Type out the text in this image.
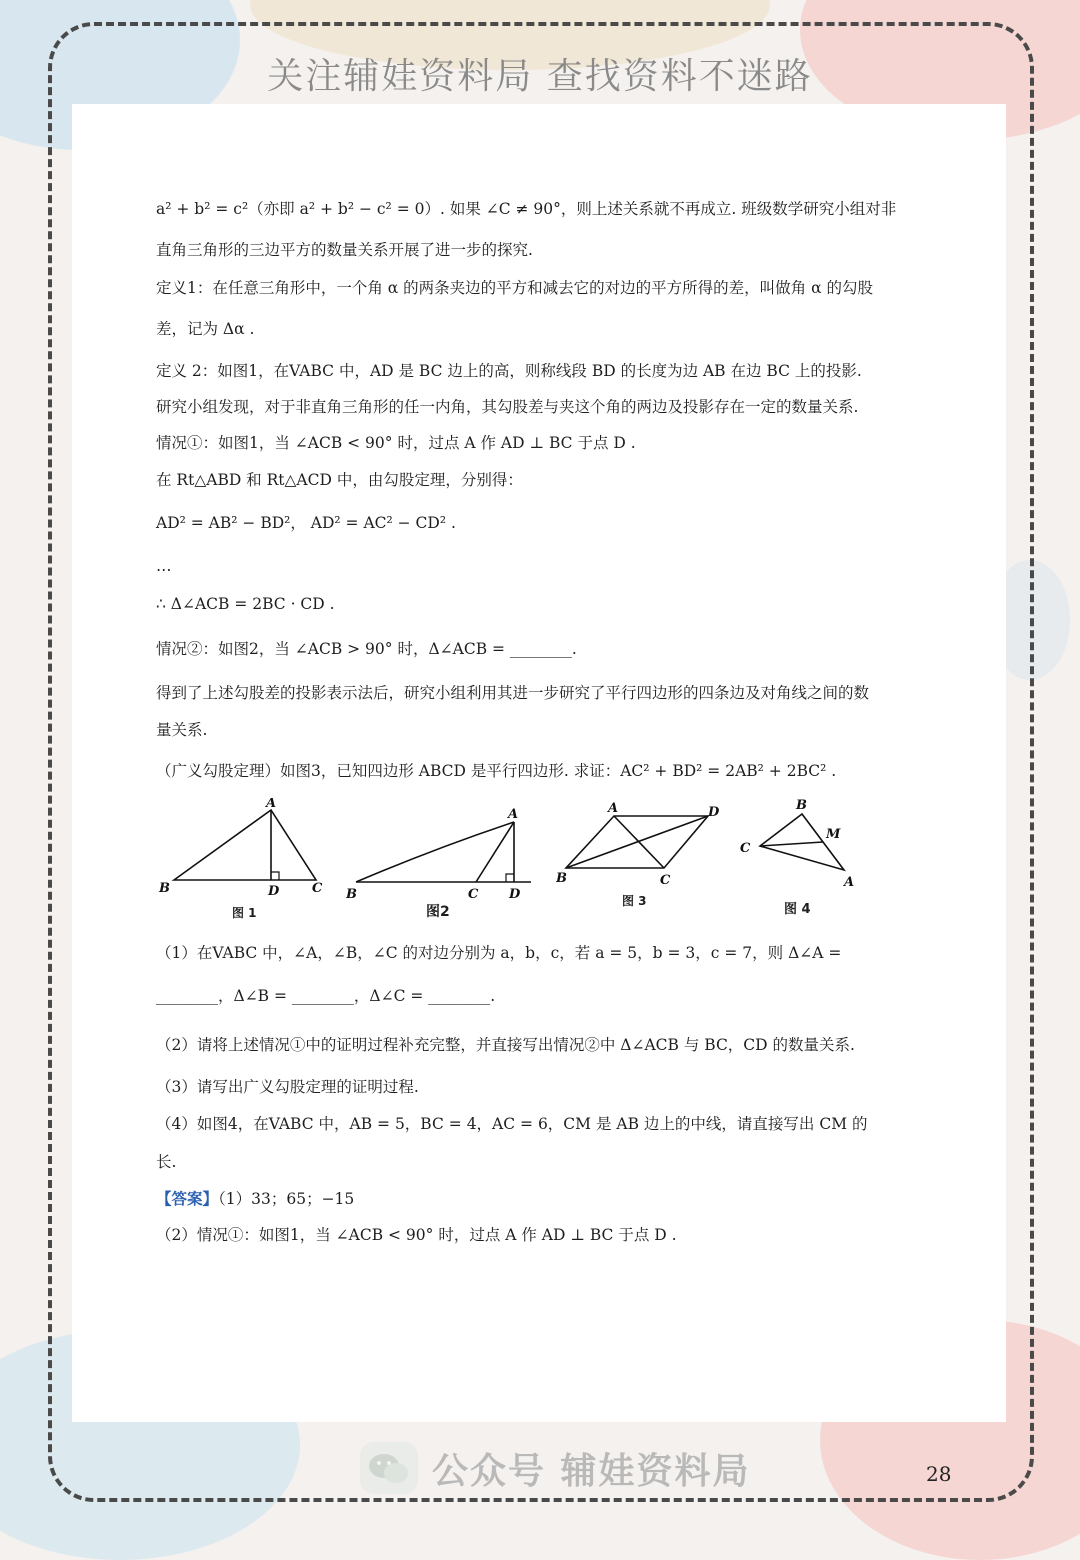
关注辅娃资料局 查找资料不迷路
a² + b² = c²（亦即 a² + b² − c² = 0）. 如果 ∠C ≠ 90°，则上述关系就不再成立. 班级数学研究小组对非
直角三角形的三边平方的数量关系开展了进一步的探究.
定义1：在任意三角形中，一个角 α 的两条夹边的平方和减去它的对边的平方所得的差，叫做角 α 的勾股
差，记为 Δα .
定义 2：如图1，在VABC 中，AD 是 BC 边上的高，则称线段 BD 的长度为边 AB 在边 BC 上的投影.
研究小组发现，对于非直角三角形的任一内角，其勾股差与夹这个角的两边及投影存在一定的数量关系.
情况①：如图1，当 ∠ACB < 90° 时，过点 A 作 AD ⊥ BC 于点 D .
在 Rt△ABD 和 Rt△ACD 中，由勾股定理，分别得：
AD² = AB² − BD²， AD² = AC² − CD² .
…
∴ Δ∠ACB = 2BC · CD .
情况②：如图2，当 ∠ACB > 90° 时，Δ∠ACB = ________.
得到了上述勾股差的投影表示法后，研究小组利用其进一步研究了平行四边形的四条边及对角线之间的数
量关系.
（广义勾股定理）如图3，已知四边形 ABCD 是平行四边形. 求证：AC² + BD² = 2AB² + 2BC² .
A
B	D	C
图 1
A
B	C D
图2
A	D
B	C
图 3
B
M
C
A
图 4
（1）在VABC 中，∠A，∠B，∠C 的对边分别为 a，b，c，若 a = 5，b = 3，c = 7，则 Δ∠A =
________，Δ∠B = ________，Δ∠C = ________.
（2）请将上述情况①中的证明过程补充完整，并直接写出情况②中 Δ∠ACB 与 BC，CD 的数量关系.
（3）请写出广义勾股定理的证明过程.
（4）如图4，在VABC 中，AB = 5，BC = 4，AC = 6，CM 是 AB 边上的中线，请直接写出 CM 的
长.
【答案】（1）33；65；−15
（2）情况①：如图1，当 ∠ACB < 90° 时，过点 A 作 AD ⊥ BC 于点 D .
公众号 辅娃资料局	28
